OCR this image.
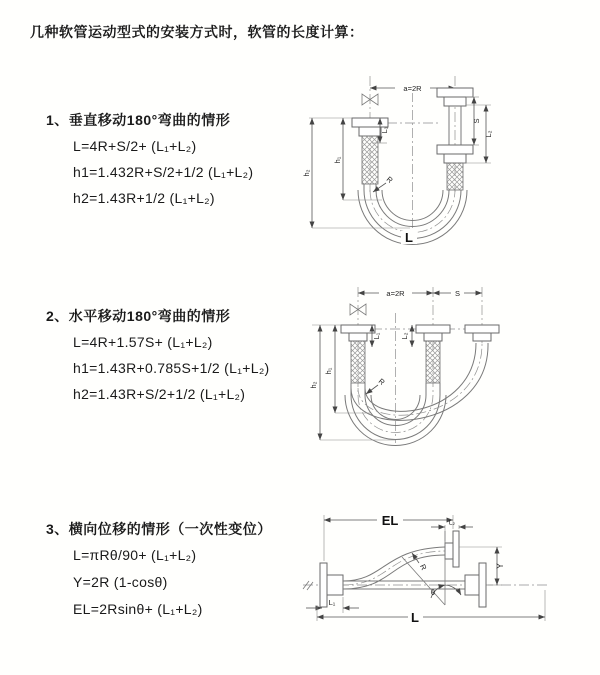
几种软管运动型式的安装方式时，软管的长度计算：
1、垂直移动180°弯曲的情形
L=4R+S/2+ (L₁+L₂)
h1=1.432R+S/2+1/2 (L₁+L₂)
h2=1.43R+1/2 (L₁+L₂)
2、水平移动180°弯曲的情形
L=4R+1.57S+ (L₁+L₂)
h1=1.43R+0.785S+1/2 (L₁+L₂)
h2=1.43R+S/2+1/2 (L₁+L₂)
3、横向位移的情形（一次性变位）
L=πRθ/90+ (L₁+L₂)
Y=2R (1-cosθ)
EL=2Rsinθ+ (L₁+L₂)
a=2R
S
L₂
h₁
h₂
L₁
R
L
a=2R	S
h₁
h₂
L₁	L₂
R
EL	L₂
Y
R
θ
L₁
L
